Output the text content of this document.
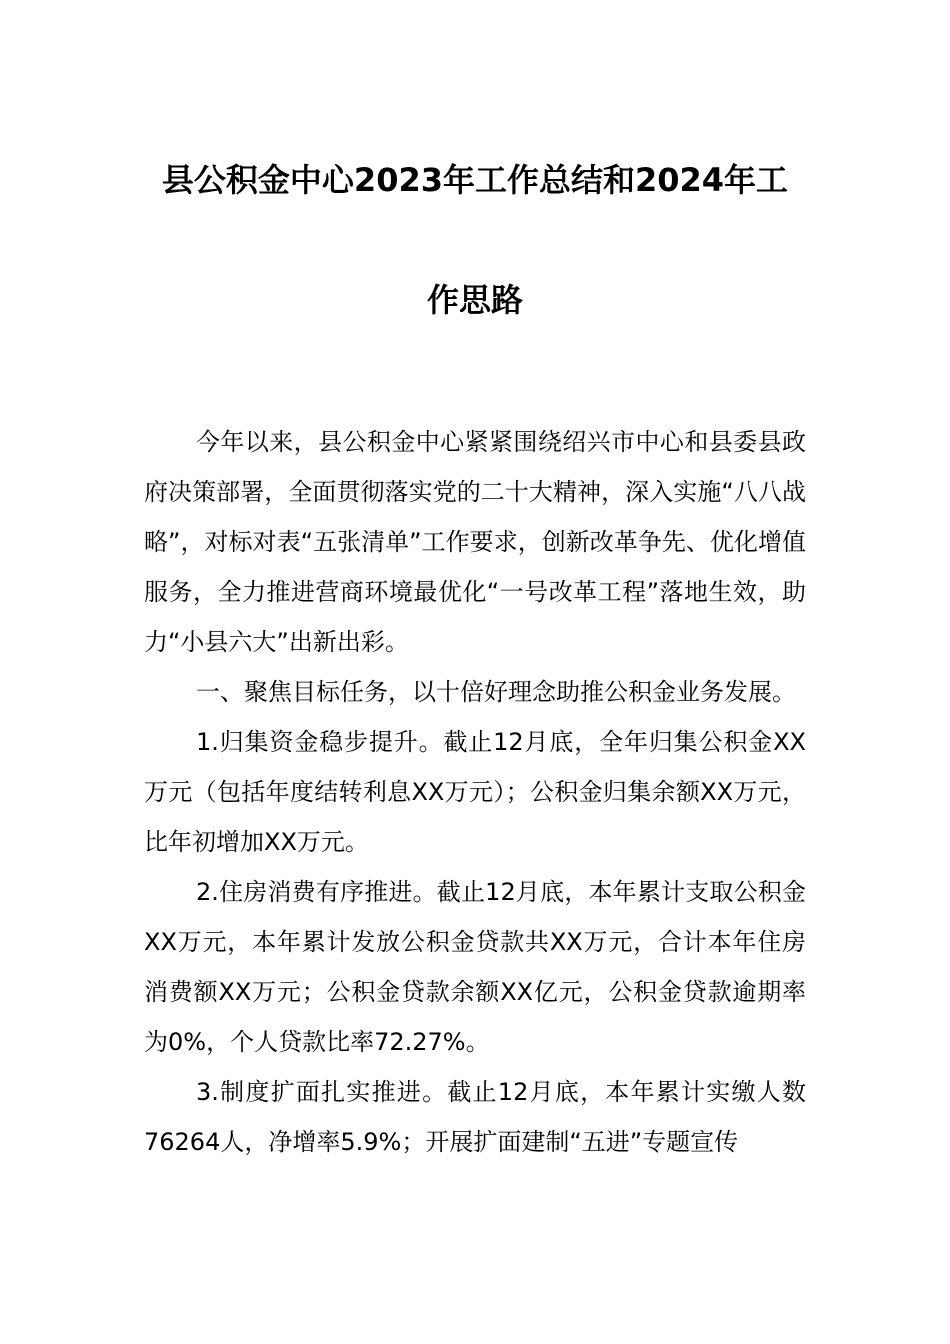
县公积金中心2023年工作总结和2024年工
作思路

今年以来，县公积金中心紧紧围绕绍兴市中心和县委县政府决策部署，全面贯彻落实党的二十大精神，深入实施“八八战略”，对标对表“五张清单”工作要求，创新改革争先、优化增值服务，全力推进营商环境最优化“一号改革工程”落地生效，助力“小县六大”出新出彩。

一、聚焦目标任务，以十倍好理念助推公积金业务发展。

1.归集资金稳步提升。截止12月底，全年归集公积金XX万元（包括年度结转利息XX万元）；公积金归集余额XX万元，比年初增加XX万元。

2.住房消费有序推进。截止12月底，本年累计支取公积金XX万元，本年累计发放公积金贷款共XX万元，合计本年住房消费额XX万元；公积金贷款余额XX亿元，公积金贷款逾期率为0%，个人贷款比率72.27%。

3.制度扩面扎实推进。截止12月底，本年累计实缴人数76264人，净增率5.9%；开展扩面建制“五进”专题宣传
